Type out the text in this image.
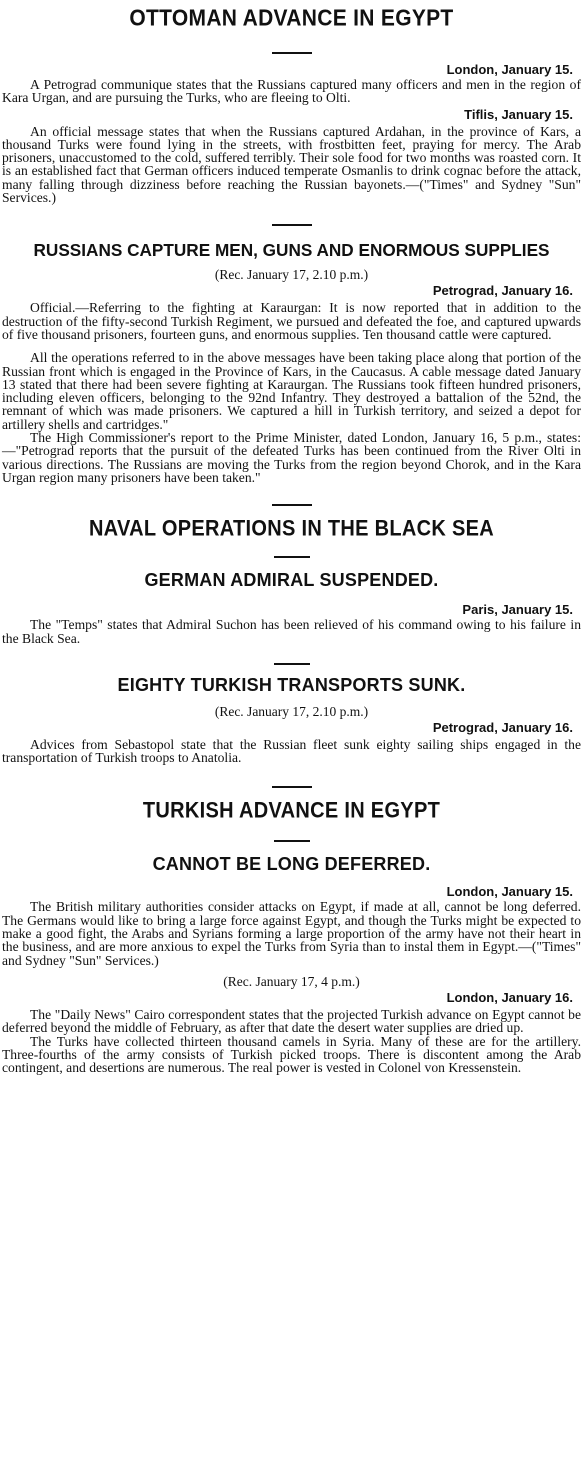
OTTOMAN ADVANCE IN EGYPT

London, January 15.

A Petrograd communique states that the Russians captured many officers and men in the region of Kara Urgan, and are pursuing the Turks, who are fleeing to Olti.

Tiflis, January 15.

An official message states that when the Russians captured Ardahan, in the province of Kars, a thousand Turks were found lying in the streets, with frostbitten feet, praying for mercy. The Arab prisoners, unaccustomed to the cold, suffered terribly. Their sole food for two months was roasted corn. It is an established fact that German officers induced temperate Osmanlis to drink cognac before the attack, many falling through dizziness before reaching the Russian bayonets.—("Times" and Sydney "Sun" Services.)

RUSSIANS CAPTURE MEN, GUNS AND ENORMOUS SUPPLIES

(Rec. January 17, 2.10 p.m.)

Petrograd, January 16.

Official.—Referring to the fighting at Karaurgan: It is now reported that in addition to the destruction of the fifty-second Turkish Regiment, we pursued and defeated the foe, and captured upwards of five thousand prisoners, fourteen guns, and enormous supplies. Ten thousand cattle were captured.

All the operations referred to in the above messages have been taking place along that portion of the Russian front which is engaged in the Province of Kars, in the Caucasus. A cable message dated January 13 stated that there had been severe fighting at Karaurgan. The Russians took fifteen hundred prisoners, including eleven officers, belonging to the 92nd Infantry. They destroyed a battalion of the 52nd, the remnant of which was made prisoners. We captured a hill in Turkish territory, and seized a depot for artillery shells and cartridges."

The High Commissioner's report to the Prime Minister, dated London, January 16, 5 p.m., states:—"Petrograd reports that the pursuit of the defeated Turks has been continued from the River Olti in various directions. The Russians are moving the Turks from the region beyond Chorok, and in the Kara Urgan region many prisoners have been taken."

NAVAL OPERATIONS IN THE BLACK SEA
GERMAN ADMIRAL SUSPENDED.

Paris, January 15.

The "Temps" states that Admiral Suchon has been relieved of his command owing to his failure in the Black Sea.

EIGHTY TURKISH TRANSPORTS SUNK.

(Rec. January 17, 2.10 p.m.)

Petrograd, January 16.

Advices from Sebastopol state that the Russian fleet sunk eighty sailing ships engaged in the transportation of Turkish troops to Anatolia.

TURKISH ADVANCE IN EGYPT
CANNOT BE LONG DEFERRED.

London, January 15.

The British military authorities consider attacks on Egypt, if made at all, cannot be long deferred. The Germans would like to bring a large force against Egypt, and though the Turks might be expected to make a good fight, the Arabs and Syrians forming a large proportion of the army have not their heart in the business, and are more anxious to expel the Turks from Syria than to instal them in Egypt.—("Times" and Sydney "Sun" Services.)

(Rec. January 17, 4 p.m.)

London, January 16.

The "Daily News" Cairo correspondent states that the projected Turkish advance on Egypt cannot be deferred beyond the middle of February, as after that date the desert water supplies are dried up.

The Turks have collected thirteen thousand camels in Syria. Many of these are for the artillery. Three-fourths of the army consists of Turkish picked troops. There is discontent among the Arab contingent, and desertions are numerous. The real power is vested in Colonel von Kressenstein.
